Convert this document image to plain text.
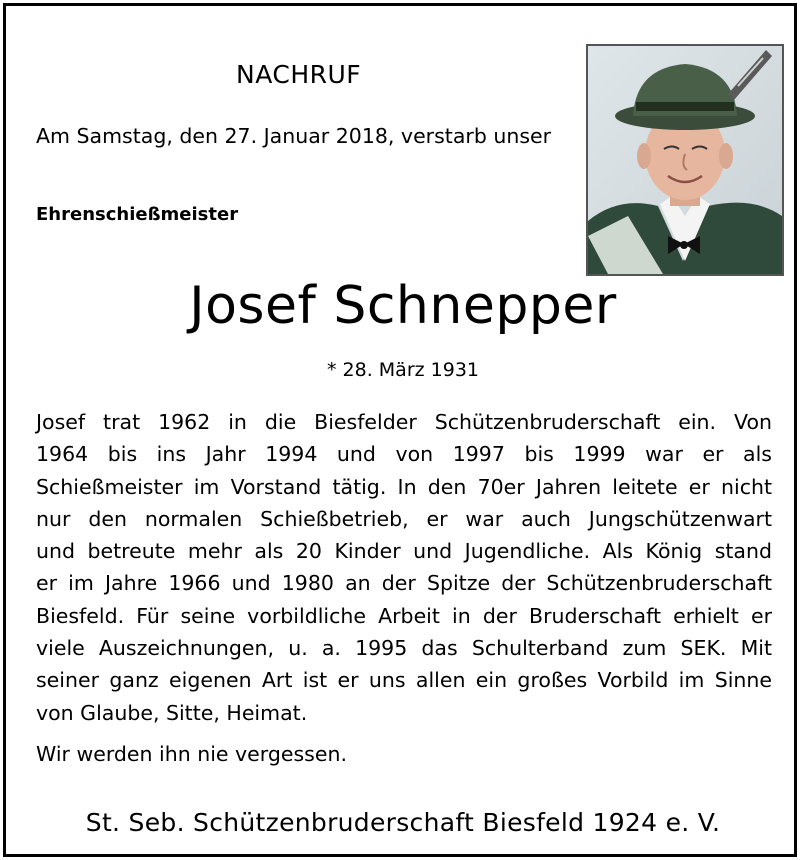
NACHRUF
Am Samstag, den 27. Januar 2018, verstarb unser
Ehrenschießmeister
Josef Schnepper
* 28. März 1931
Josef trat 1962 in die Biesfelder Schützenbruderschaft ein. Von
1964 bis ins Jahr 1994 und von 1997 bis 1999 war er als
Schießmeister im Vorstand tätig. In den 70er Jahren leitete er nicht
nur den normalen Schießbetrieb, er war auch Jungschützenwart
und betreute mehr als 20 Kinder und Jugendliche. Als König stand
er im Jahre 1966 und 1980 an der Spitze der Schützenbruderschaft
Biesfeld. Für seine vorbildliche Arbeit in der Bruderschaft erhielt er
viele Auszeichnungen, u. a. 1995 das Schulterband zum SEK. Mit
seiner ganz eigenen Art ist er uns allen ein großes Vorbild im Sinne
von Glaube, Sitte, Heimat.
Wir werden ihn nie vergessen.
St. Seb. Schützenbruderschaft Biesfeld 1924 e. V.
